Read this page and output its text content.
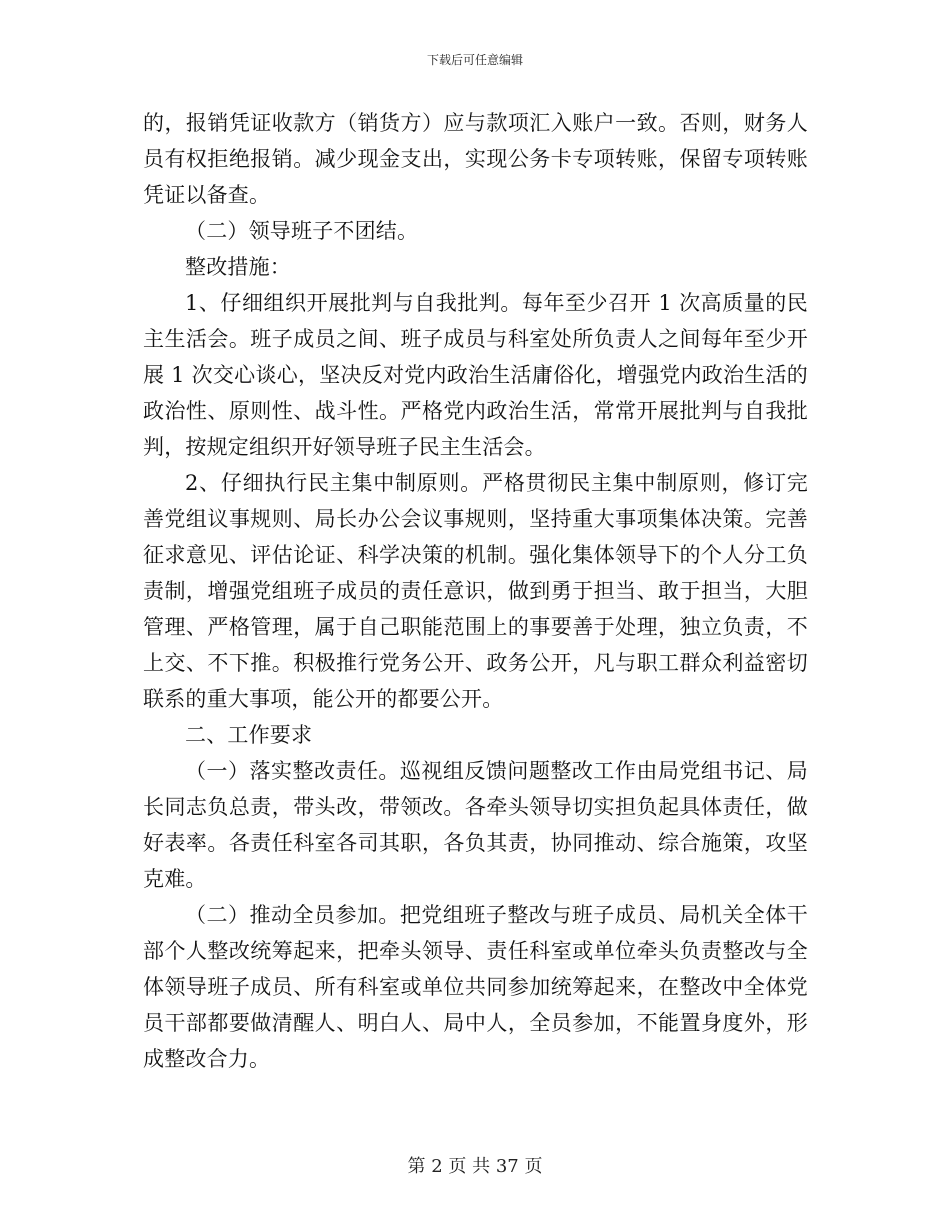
下载后可任意编辑

的，报销凭证收款方（销货方）应与款项汇入账户一致。否则，财务人员有权拒绝报销。减少现金支出，实现公务卡专项转账，保留专项转账凭证以备查。

（二）领导班子不团结。

整改措施：

1、仔细组织开展批判与自我批判。每年至少召开 1 次高质量的民主生活会。班子成员之间、班子成员与科室处所负责人之间每年至少开展 1 次交心谈心，坚决反对党内政治生活庸俗化，增强党内政治生活的政治性、原则性、战斗性。严格党内政治生活，常常开展批判与自我批判，按规定组织开好领导班子民主生活会。

2、仔细执行民主集中制原则。严格贯彻民主集中制原则，修订完善党组议事规则、局长办公会议事规则，坚持重大事项集体决策。完善征求意见、评估论证、科学决策的机制。强化集体领导下的个人分工负责制，增强党组班子成员的责任意识，做到勇于担当、敢于担当，大胆管理、严格管理，属于自己职能范围上的事要善于处理，独立负责，不上交、不下推。积极推行党务公开、政务公开，凡与职工群众利益密切联系的重大事项，能公开的都要公开。

二、工作要求

（一）落实整改责任。巡视组反馈问题整改工作由局党组书记、局长同志负总责，带头改，带领改。各牵头领导切实担负起具体责任，做好表率。各责任科室各司其职，各负其责，协同推动、综合施策，攻坚克难。

（二）推动全员参加。把党组班子整改与班子成员、局机关全体干部个人整改统筹起来，把牵头领导、责任科室或单位牵头负责整改与全体领导班子成员、所有科室或单位共同参加统筹起来，在整改中全体党员干部都要做清醒人、明白人、局中人，全员参加，不能置身度外，形成整改合力。

第 2 页 共 37 页
